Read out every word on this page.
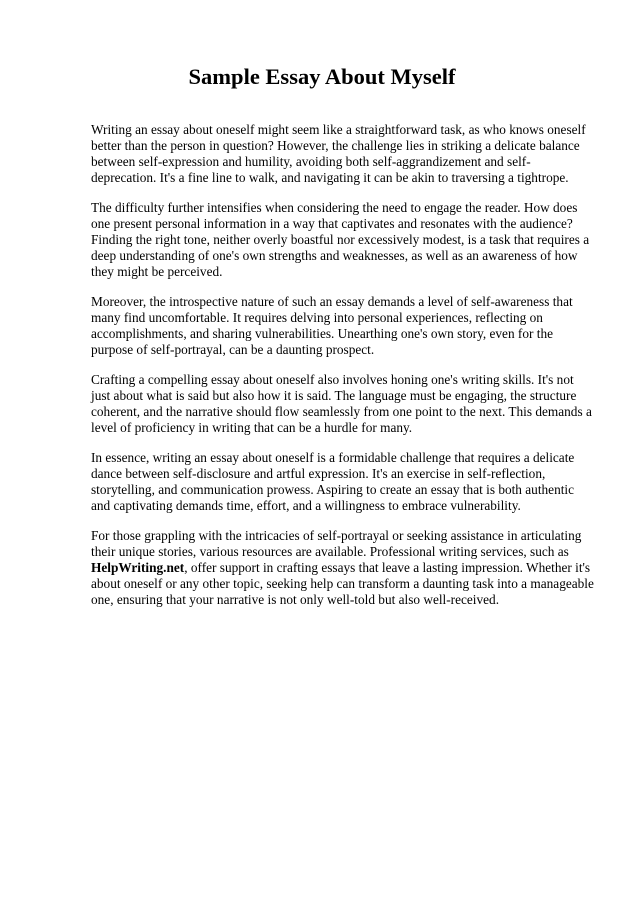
Sample Essay About Myself

Writing an essay about oneself might seem like a straightforward task, as who knows oneself better than the person in question? However, the challenge lies in striking a delicate balance between self-expression and humility, avoiding both self-aggrandizement and self-deprecation. It's a fine line to walk, and navigating it can be akin to traversing a tightrope.

The difficulty further intensifies when considering the need to engage the reader. How does one present personal information in a way that captivates and resonates with the audience? Finding the right tone, neither overly boastful nor excessively modest, is a task that requires a deep understanding of one's own strengths and weaknesses, as well as an awareness of how they might be perceived.

Moreover, the introspective nature of such an essay demands a level of self-awareness that many find uncomfortable. It requires delving into personal experiences, reflecting on accomplishments, and sharing vulnerabilities. Unearthing one's own story, even for the purpose of self-portrayal, can be a daunting prospect.

Crafting a compelling essay about oneself also involves honing one's writing skills. It's not just about what is said but also how it is said. The language must be engaging, the structure coherent, and the narrative should flow seamlessly from one point to the next. This demands a level of proficiency in writing that can be a hurdle for many.

In essence, writing an essay about oneself is a formidable challenge that requires a delicate dance between self-disclosure and artful expression. It's an exercise in self-reflection, storytelling, and communication prowess. Aspiring to create an essay that is both authentic and captivating demands time, effort, and a willingness to embrace vulnerability.

For those grappling with the intricacies of self-portrayal or seeking assistance in articulating their unique stories, various resources are available. Professional writing services, such as HelpWriting.net, offer support in crafting essays that leave a lasting impression. Whether it's about oneself or any other topic, seeking help can transform a daunting task into a manageable one, ensuring that your narrative is not only well-told but also well-received.
